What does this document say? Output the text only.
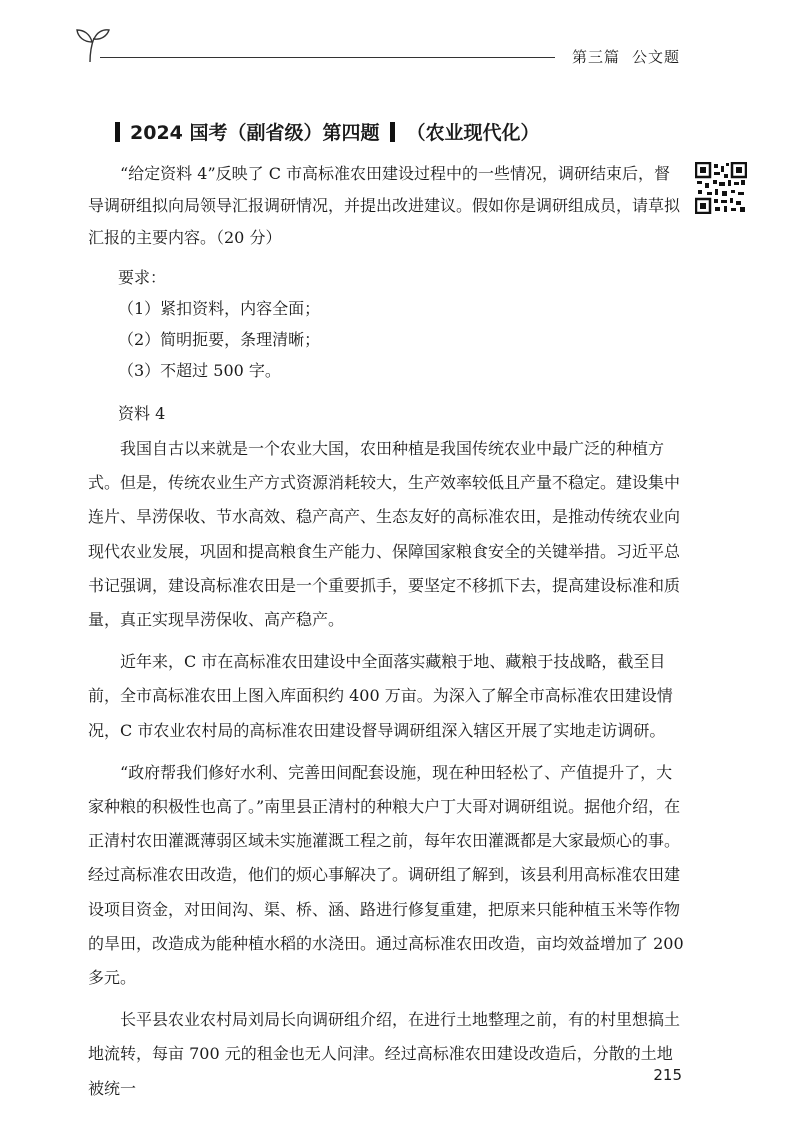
第三篇 公文题
2024 国考（副省级）第四题 （农业现代化）
“给定资料 4”反映了 C 市高标准农田建设过程中的一些情况，调研结束后，督导调研组拟向局领导汇报调研情况，并提出改进建议。假如你是调研组成员，请草拟汇报的主要内容。（20 分）

要求：

（1）紧扣资料，内容全面；

（2）简明扼要，条理清晰；

（3）不超过 500 字。

资料 4

我国自古以来就是一个农业大国，农田种植是我国传统农业中最广泛的种植方式。但是，传统农业生产方式资源消耗较大，生产效率较低且产量不稳定。建设集中连片、旱涝保收、节水高效、稳产高产、生态友好的高标准农田，是推动传统农业向现代农业发展，巩固和提高粮食生产能力、保障国家粮食安全的关键举措。习近平总书记强调，建设高标准农田是一个重要抓手，要坚定不移抓下去，提高建设标准和质量，真正实现旱涝保收、高产稳产。

近年来，C 市在高标准农田建设中全面落实藏粮于地、藏粮于技战略，截至目前，全市高标准农田上图入库面积约 400 万亩。为深入了解全市高标准农田建设情况，C 市农业农村局的高标准农田建设督导调研组深入辖区开展了实地走访调研。

“政府帮我们修好水利、完善田间配套设施，现在种田轻松了、产值提升了，大家种粮的积极性也高了。”南里县正清村的种粮大户丁大哥对调研组说。据他介绍，在正清村农田灌溉薄弱区域未实施灌溉工程之前，每年农田灌溉都是大家最烦心的事。经过高标准农田改造，他们的烦心事解决了。调研组了解到，该县利用高标准农田建设项目资金，对田间沟、渠、桥、涵、路进行修复重建，把原来只能种植玉米等作物的旱田，改造成为能种植水稻的水浇田。通过高标准农田改造，亩均效益增加了 200 多元。

长平县农业农村局刘局长向调研组介绍，在进行土地整理之前，有的村里想搞土地流转，每亩 700 元的租金也无人问津。经过高标准农田建设改造后，分散的土地被统一

215
